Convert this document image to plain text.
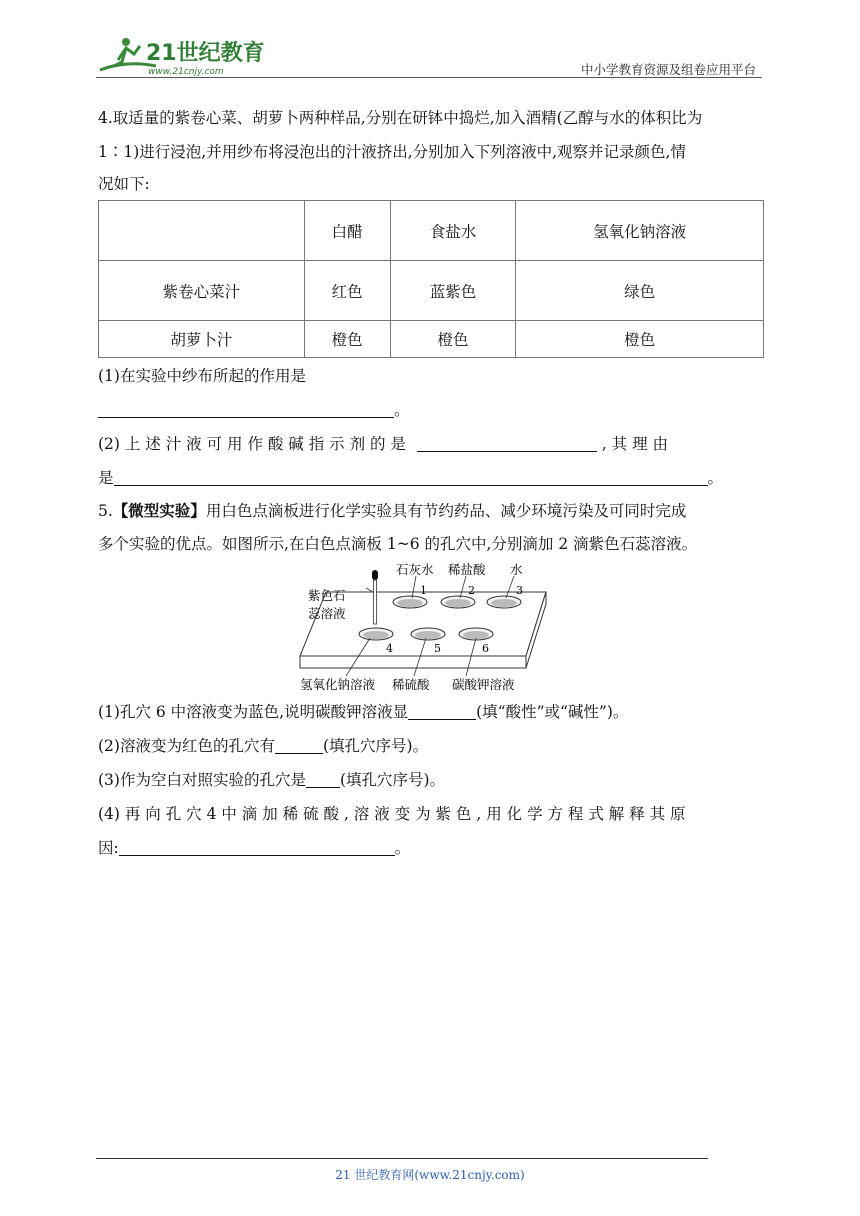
21世纪教育
www.21cnjy.com	中小学教育资源及组卷应用平台
4.取适量的紫卷心菜、胡萝卜两种样品,分别在研钵中捣烂,加入酒精(乙醇与水的体积比为
1∶1)进行浸泡,并用纱布将浸泡出的汁液挤出,分别加入下列溶液中,观察并记录颜色,情
况如下:
	白醋	食盐水	氢氧化钠溶液
紫卷心菜汁	红色	蓝紫色	绿色
胡萝卜汁	橙色	橙色	橙色
(1)在实验中纱布所起的作用是
。
(2) 上 述 汁 液 可 用 作 酸 碱 指 示 剂 的 是	, 其 理 由
是	。
5.【微型实验】用白色点滴板进行化学实验具有节约药品、减少环境污染及可同时完成
多个实验的优点。如图所示,在白色点滴板 1~6 的孔穴中,分别滴加 2 滴紫色石蕊溶液。
石灰水 稀盐酸 水
紫色石
蕊溶液
1	2	3
4	5	6
氢氧化钠溶液 稀硫酸 碳酸钾溶液
(1)孔穴 6 中溶液变为蓝色,说明碳酸钾溶液显	(填“酸性”或“碱性”)。
(2)溶液变为红色的孔穴有	(填孔穴序号)。
(3)作为空白对照实验的孔穴是 (填孔穴序号)。
(4) 再 向 孔 穴 4 中 滴 加 稀 硫 酸 , 溶 液 变 为 紫 色 , 用 化 学 方 程 式 解 释 其 原
因:	。
21 世纪教育网(www.21cnjy.com)
